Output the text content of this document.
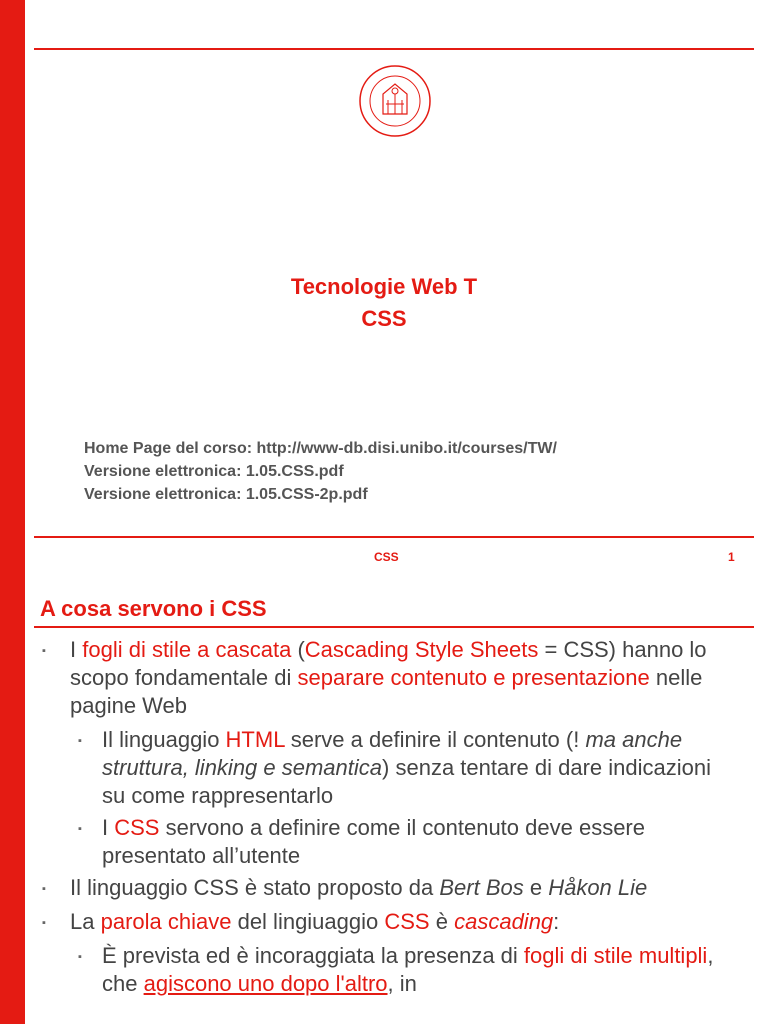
Tecnologie Web T
CSS
Home Page del corso: http://www-db.disi.unibo.it/courses/TW/
Versione elettronica: 1.05.CSS.pdf
Versione elettronica: 1.05.CSS-2p.pdf
CSS	1
A cosa servono i CSS
▪ I fogli di stile a cascata (Cascading Style Sheets = CSS) hanno lo scopo fondamentale di separare contenuto e presentazione nelle pagine Web
▪ Il linguaggio HTML serve a definire il contenuto (! ma anche struttura, linking e semantica) senza tentare di dare indicazioni su come rappresentarlo
▪ I CSS servono a definire come il contenuto deve essere presentato all’utente
▪ Il linguaggio CSS è stato proposto da Bert Bos e Håkon Lie
▪ La parola chiave del lingiuaggio CSS è cascading:
▪ È prevista ed è incoraggiata la presenza di fogli di stile multipli, che agiscono uno dopo l'altro, in
